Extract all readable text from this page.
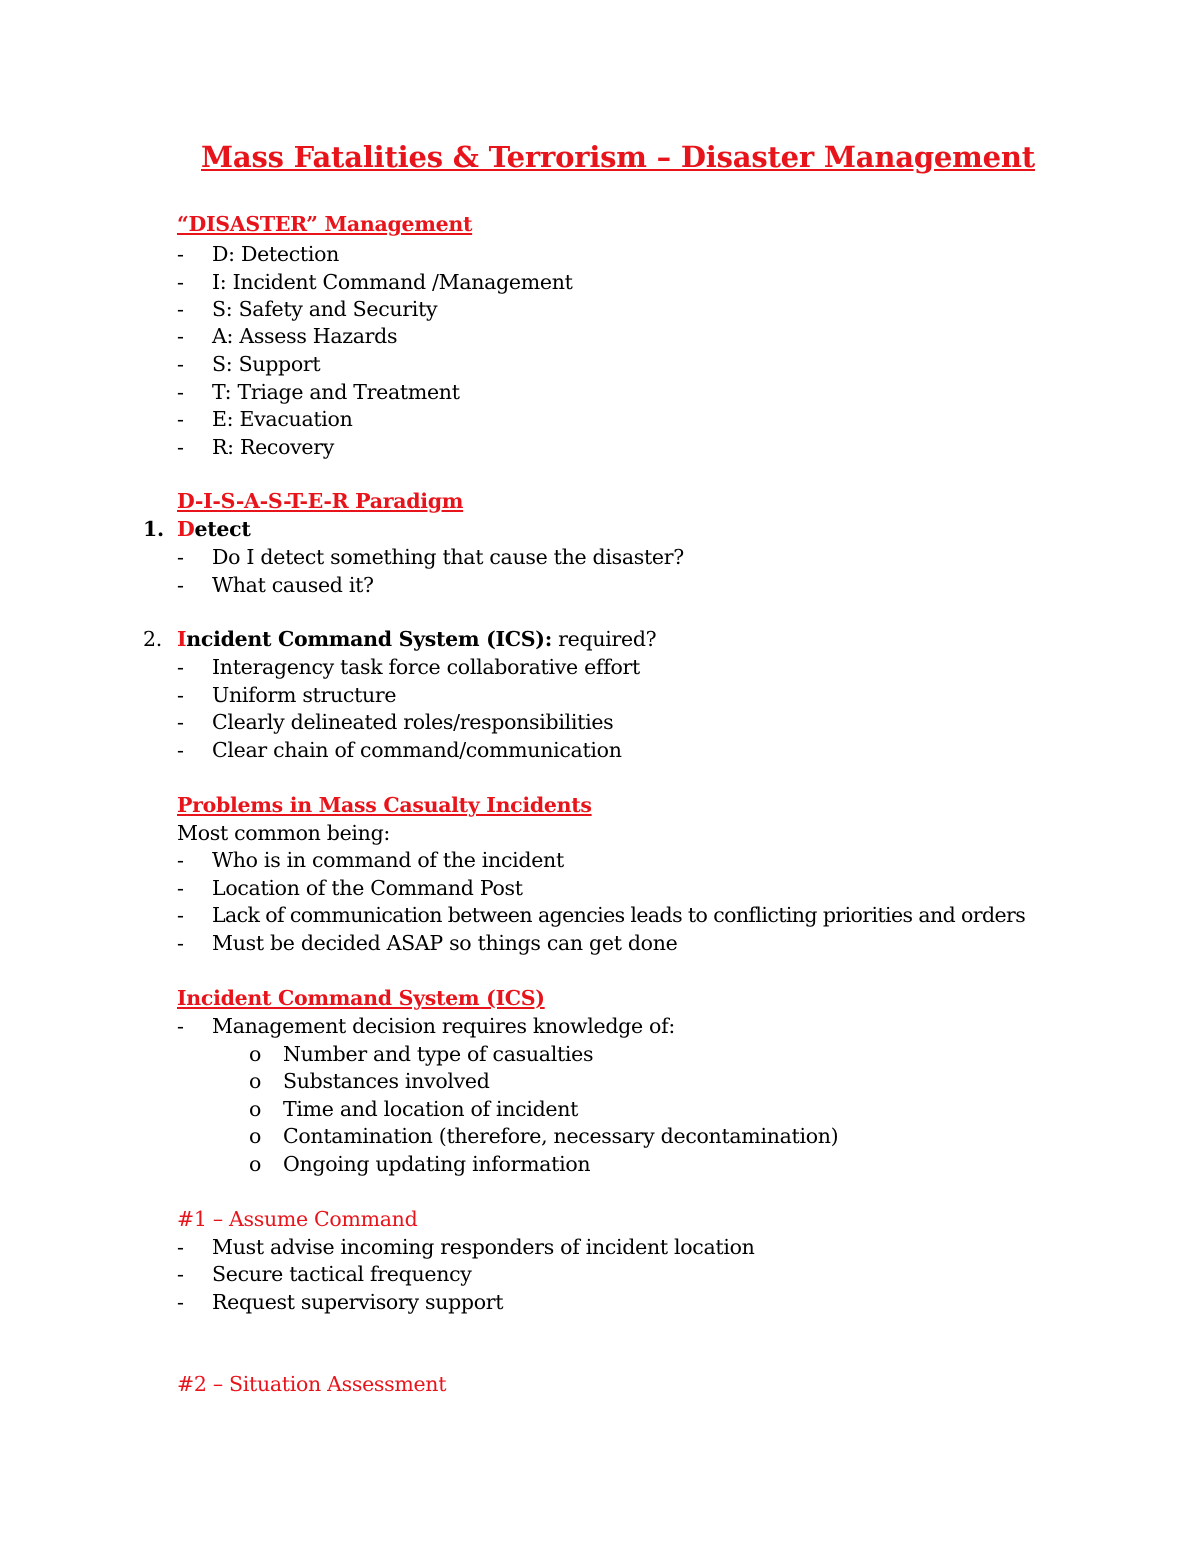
Mass Fatalities & Terrorism – Disaster Management
“DISASTER” Management
- D: Detection
- I: Incident Command /Management
- S: Safety and Security
- A: Assess Hazards
- S: Support
- T: Triage and Treatment
- E: Evacuation
- R: Recovery
D-I-S-A-S-T-E-R Paradigm
1. Detect
- Do I detect something that cause the disaster?
- What caused it?
2. Incident Command System (ICS): required?
- Interagency task force collaborative effort
- Uniform structure
- Clearly delineated roles/responsibilities
- Clear chain of command/communication
Problems in Mass Casualty Incidents
Most common being:
- Who is in command of the incident
- Location of the Command Post
- Lack of communication between agencies leads to conflicting priorities and orders
- Must be decided ASAP so things can get done
Incident Command System (ICS)
- Management decision requires knowledge of:
o Number and type of casualties
o Substances involved
o Time and location of incident
o Contamination (therefore, necessary decontamination)
o Ongoing updating information
#1 – Assume Command
- Must advise incoming responders of incident location
- Secure tactical frequency
- Request supervisory support
#2 – Situation Assessment
